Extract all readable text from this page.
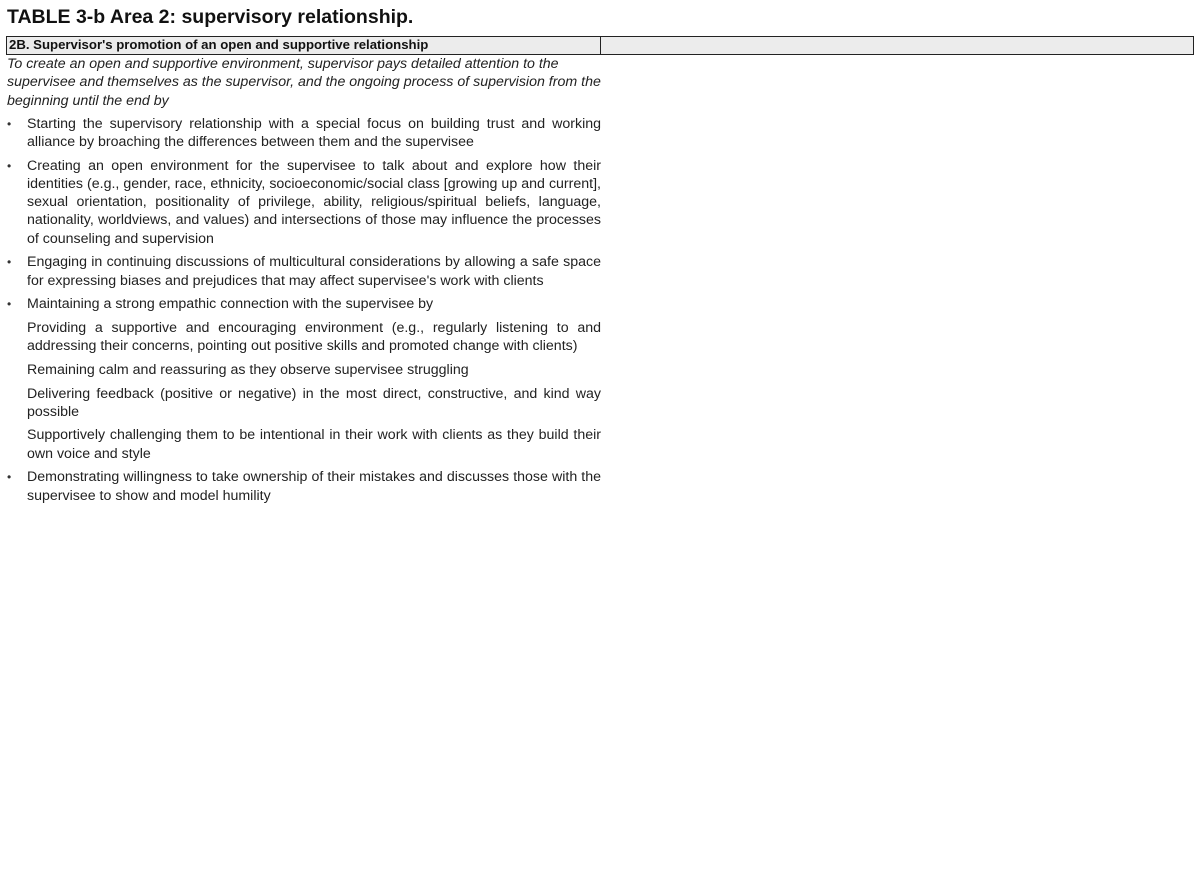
TABLE 3-b Area 2: supervisory relationship.
2B. Supervisor's promotion of an open and supportive relationship

To create an open and supportive environment, supervisor pays detailed attention to the supervisee and themselves as the supervisor, and the ongoing process of supervision from the beginning until the end by

• Starting the supervisory relationship with a special focus on building trust and working alliance by broaching the differences between them and the supervisee
• Creating an open environment for the supervisee to talk about and explore how their identities (e.g., gender, race, ethnicity, socioeconomic/social class [growing up and current], sexual orientation, positionality of privilege, ability, religious/spiritual beliefs, language, nationality, worldviews, and values) and intersections of those may influence the processes of counseling and supervision
• Engaging in continuing discussions of multicultural considerations by allowing a safe space for expressing biases and prejudices that may affect supervisee's work with clients
• Maintaining a strong empathic connection with the supervisee by
Providing a supportive and encouraging environment (e.g., regularly listening to and addressing their concerns, pointing out positive skills and promoted change with clients)
Remaining calm and reassuring as they observe supervisee struggling
Delivering feedback (positive or negative) in the most direct, constructive, and kind way possible
Supportively challenging them to be intentional in their work with clients as they build their own voice and style
• Demonstrating willingness to take ownership of their mistakes and discusses those with the supervisee to show and model humility
